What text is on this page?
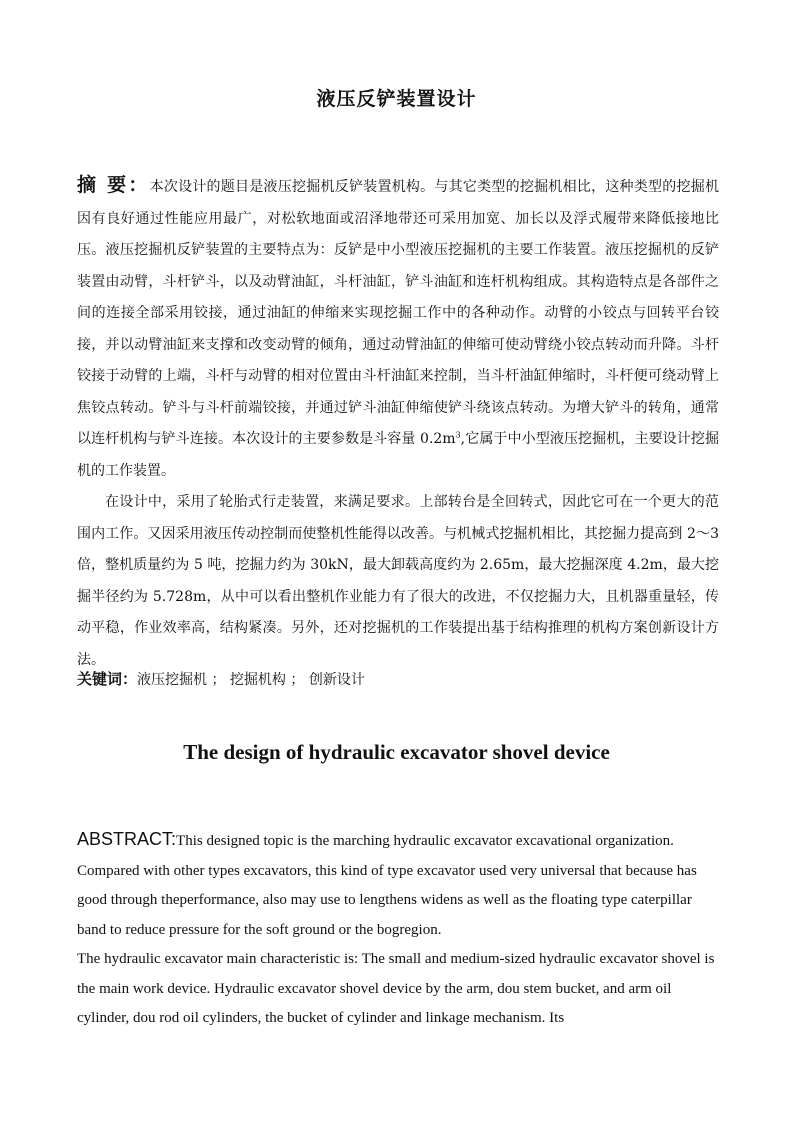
液压反铲装置设计

摘 要：本次设计的题目是液压挖掘机反铲装置机构。与其它类型的挖掘机相比，这种类型的挖掘机因有良好通过性能应用最广，对松软地面或沼泽地带还可采用加宽、加长以及浮式履带来降低接地比压。液压挖掘机反铲装置的主要特点为：反铲是中小型液压挖掘机的主要工作装置。液压挖掘机的反铲装置由动臂，斗杆铲斗，以及动臂油缸，斗杆油缸，铲斗油缸和连杆机构组成。其构造特点是各部件之间的连接全部采用铰接，通过油缸的伸缩来实现挖掘工作中的各种动作。动臂的小铰点与回转平台铰接，并以动臂油缸来支撑和改变动臂的倾角，通过动臂油缸的伸缩可使动臂绕小铰点转动而升降。斗杆铰接于动臂的上端，斗杆与动臂的相对位置由斗杆油缸来控制，当斗杆油缸伸缩时，斗杆便可绕动臂上焦铰点转动。铲斗与斗杆前端铰接，并通过铲斗油缸伸缩使铲斗绕该点转动。为增大铲斗的转角，通常以连杆机构与铲斗连接。本次设计的主要参数是斗容量 $0.2m^3$,它属于中小型液压挖掘机，主要设计挖掘机的工作装置。

在设计中，采用了轮胎式行走装置，来满足要求。上部转台是全回转式，因此它可在一个更大的范围内工作。又因采用液压传动控制而使整机性能得以改善。与机械式挖掘机相比，其挖掘力提高到 2～3 倍，整机质量约为 5 吨，挖掘力约为 30kN，最大卸载高度约为 2.65m，最大挖掘深度 4.2m，最大挖掘半径约为 5.728m，从中可以看出整机作业能力有了很大的改进，不仅挖掘力大，且机器重量轻，传动平稳，作业效率高，结构紧凑。另外，还对挖掘机的工作装提出基于结构推理的机构方案创新设计方法。

关键词：液压挖掘机 ； 挖掘机构 ； 创新设计
The design of hydraulic excavator shovel device

ABSTRACT:This designed topic is the marching hydraulic excavator excavational organization. Compared with other types excavators, this kind of type excavator used very universal that because has good through theperformance, also may use to lengthens widens as well as the floating type caterpillar band to reduce pressure for the soft ground or the bogregion.

The hydraulic excavator main characteristic is: The small and medium-sized hydraulic excavator shovel is the main work device. Hydraulic excavator shovel device by the arm, dou stem bucket, and arm oil cylinder, dou rod oil cylinders, the bucket of cylinder and linkage mechanism. Its
